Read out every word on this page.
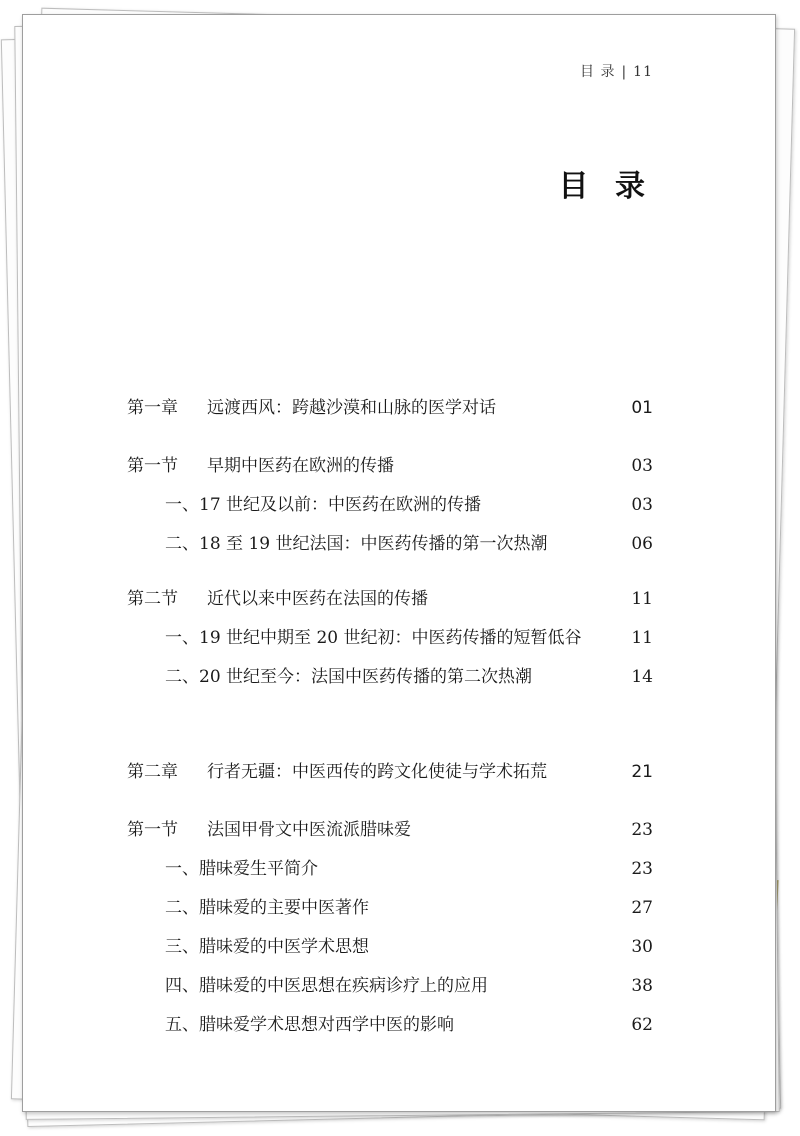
目 录 | 11
目 录
第一章	远渡西风：跨越沙漠和山脉的医学对话	01
第一节	早期中医药在欧洲的传播	03
一、17 世纪及以前：中医药在欧洲的传播	03
二、18 至 19 世纪法国：中医药传播的第一次热潮	06
第二节	近代以来中医药在法国的传播	11
一、19 世纪中期至 20 世纪初：中医药传播的短暂低谷	11
二、20 世纪至今：法国中医药传播的第二次热潮	14
第二章	行者无疆：中医西传的跨文化使徒与学术拓荒	21
第一节	法国甲骨文中医流派腊味爱	23
一、腊味爱生平简介	23
二、腊味爱的主要中医著作	27
三、腊味爱的中医学术思想	30
四、腊味爱的中医思想在疾病诊疗上的应用	38
五、腊味爱学术思想对西学中医的影响	62
